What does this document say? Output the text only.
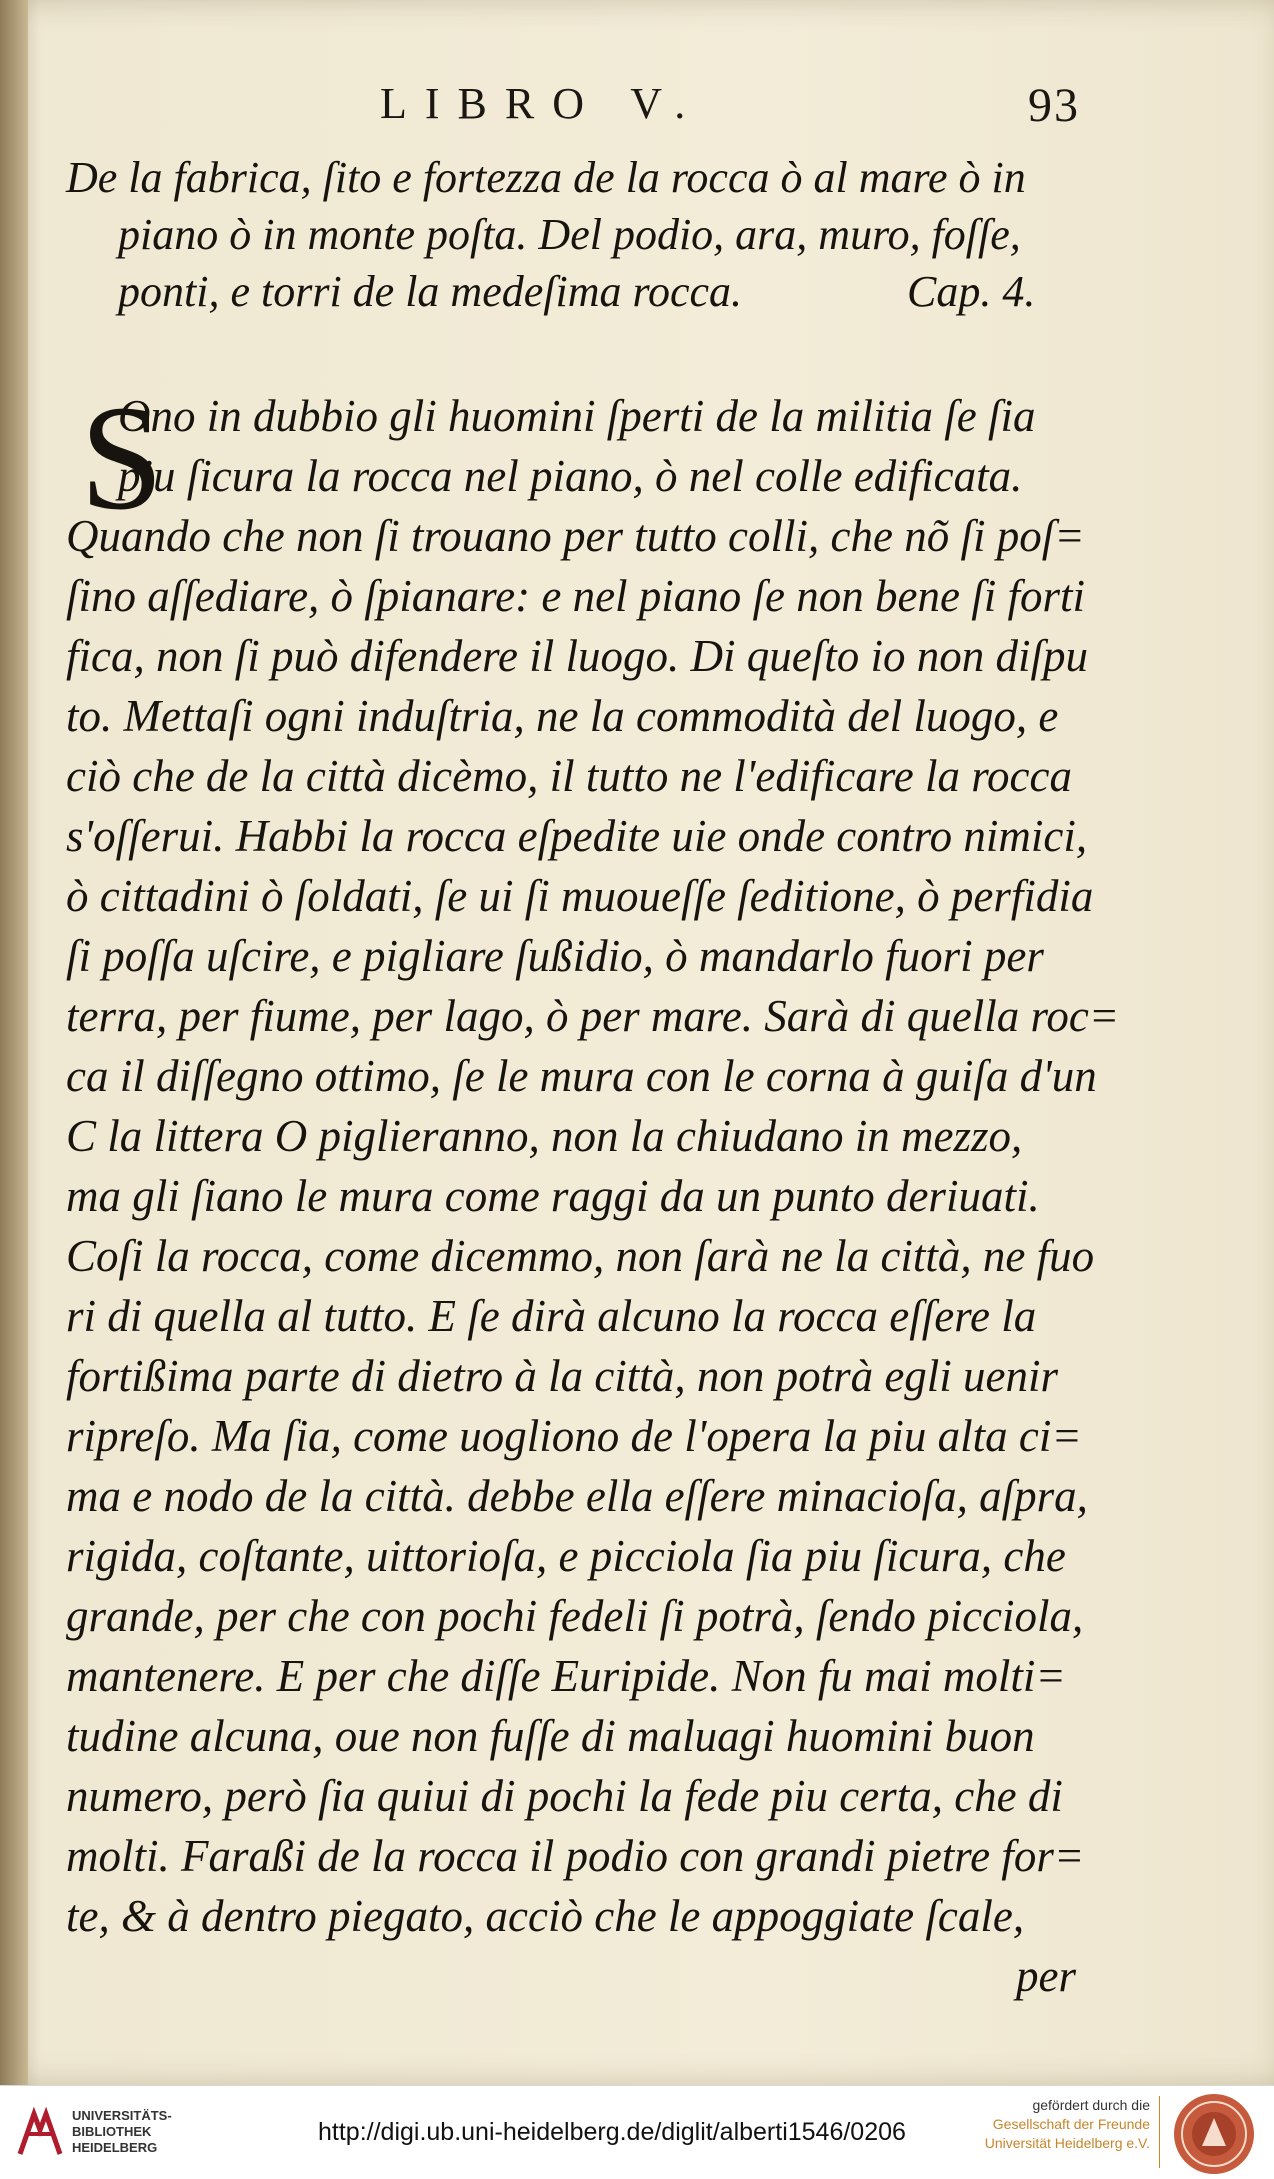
LIBRO V.	93
De la fabrica, ſito e fortezza de la rocca ò al mare ò in
piano ò in monte poſta. Del podio, ara, muro, foſſe,
ponti, e torri de la medeſima rocca.               Cap. 4.
Ono in dubbio gli huomini ſperti de la militia ſe ſia
piu ſicura la rocca nel piano, ò nel colle edificata.
Quando che non ſi trouano per tutto colli, che nõ ſi poſ=
ſino aſſediare, ò ſpianare: e nel piano ſe non bene ſi forti
fica, non ſi può difendere il luogo. Di queſto io non diſpu
to. Mettaſi ogni induſtria, ne la commodità del luogo, e
ciò che de la città dicèmo, il tutto ne l'edificare la rocca
s'oſſerui. Habbi la rocca eſpedite uie onde contro nimici,
ò cittadini ò ſoldati, ſe ui ſi muoueſſe ſeditione, ò perfidia
ſi poſſa uſcire, e pigliare ſußidio, ò mandarlo fuori per
terra, per fiume, per lago, ò per mare. Sarà di quella roc=
ca il diſſegno ottimo, ſe le mura con le corna à guiſa d'un
C la littera O piglieranno, non la chiudano in mezzo,
ma gli ſiano le mura come raggi da un punto deriuati.
Coſi la rocca, come dicemmo, non ſarà ne la città, ne fuo
ri di quella al tutto. E ſe dirà alcuno la rocca eſſere la
fortißima parte di dietro à la città, non potrà egli uenir
ripreſo. Ma ſia, come uogliono de l'opera la piu alta ci=
ma e nodo de la città. debbe ella eſſere minacioſa, aſpra,
rigida, coſtante, uittorioſa, e picciola ſia piu ſicura, che
grande, per che con pochi fedeli ſi potrà, ſendo picciola,
mantenere. E per che diſſe Euripide. Non fu mai molti=
tudine alcuna, oue non fuſſe di maluagi huomini buon
numero, però ſia quiui di pochi la fede piu certa, che di
molti. Faraßi de la rocca il podio con grandi pietre for=
te, & à dentro piegato, acciò che le appoggiate ſcale,
per
S
UNIVERSITÄTS-
BIBLIOTHEK
HEIDELBERG
http://digi.ub.uni-heidelberg.de/diglit/alberti1546/0206
gefördert durch die
Gesellschaft der Freunde
Universität Heidelberg e.V.
